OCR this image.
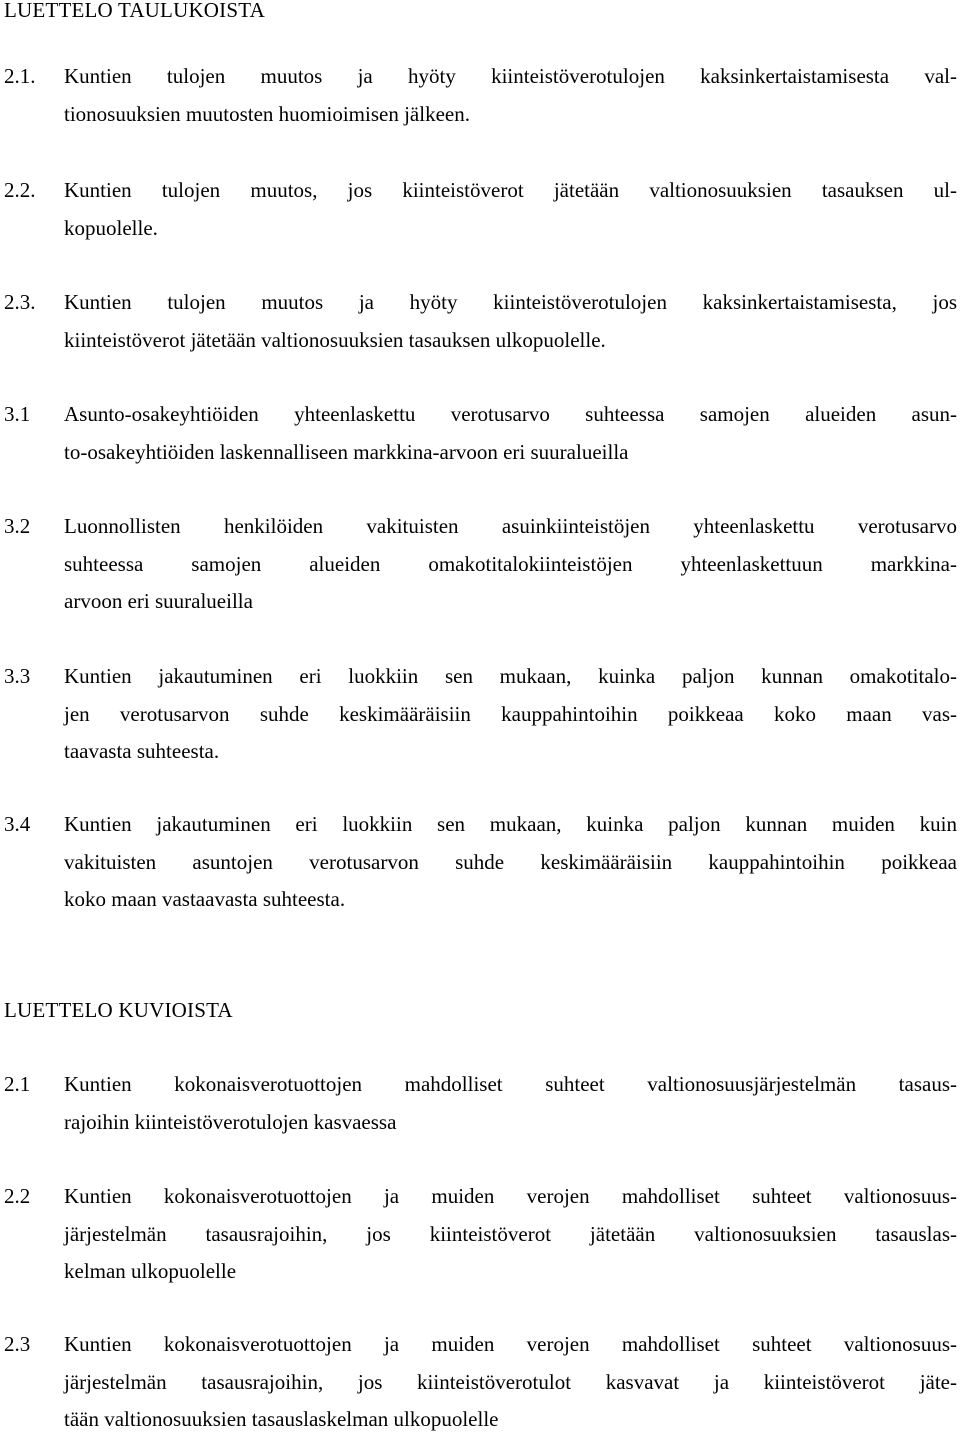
LUETTELO TAULUKOISTA
2.1. Kuntien tulojen muutos ja hyöty kiinteistöverotulojen kaksinkertaistamisesta val-
tionosuuksien muutosten huomioimisen jälkeen.
2.2. Kuntien tulojen muutos, jos kiinteistöverot jätetään valtionosuuksien tasauksen ul-
kopuolelle.
2.3. Kuntien tulojen muutos ja hyöty kiinteistöverotulojen kaksinkertaistamisesta, jos
kiinteistöverot jätetään valtionosuuksien tasauksen ulkopuolelle.
3.1 Asunto-osakeyhtiöiden yhteenlaskettu verotusarvo suhteessa samojen alueiden asun-
to-osakeyhtiöiden laskennalliseen markkina-arvoon eri suuralueilla
3.2 Luonnollisten henkilöiden vakituisten asuinkiinteistöjen yhteenlaskettu verotusarvo
suhteessa samojen alueiden omakotitalokiinteistöjen yhteenlaskettuun markkina-
arvoon eri suuralueilla
3.3 Kuntien jakautuminen eri luokkiin sen mukaan, kuinka paljon kunnan omakotitalo-
jen verotusarvon suhde keskimääräisiin kauppahintoihin poikkeaa koko maan vas-
taavasta suhteesta.
3.4 Kuntien jakautuminen eri luokkiin sen mukaan, kuinka paljon kunnan muiden kuin
vakituisten asuntojen verotusarvon suhde keskimääräisiin kauppahintoihin poikkeaa
koko maan vastaavasta suhteesta.
LUETTELO KUVIOISTA
2.1 Kuntien kokonaisverotuottojen mahdolliset suhteet valtionosuusjärjestelmän tasaus-
rajoihin kiinteistöverotulojen kasvaessa
2.2 Kuntien kokonaisverotuottojen ja muiden verojen mahdolliset suhteet valtionosuus-
järjestelmän tasausrajoihin, jos kiinteistöverot jätetään valtionosuuksien tasauslas-
kelman ulkopuolelle
2.3 Kuntien kokonaisverotuottojen ja muiden verojen mahdolliset suhteet valtionosuus-
järjestelmän tasausrajoihin, jos kiinteistöverotulot kasvavat ja kiinteistöverot jäte-
tään valtionosuuksien tasauslaskelman ulkopuolelle
